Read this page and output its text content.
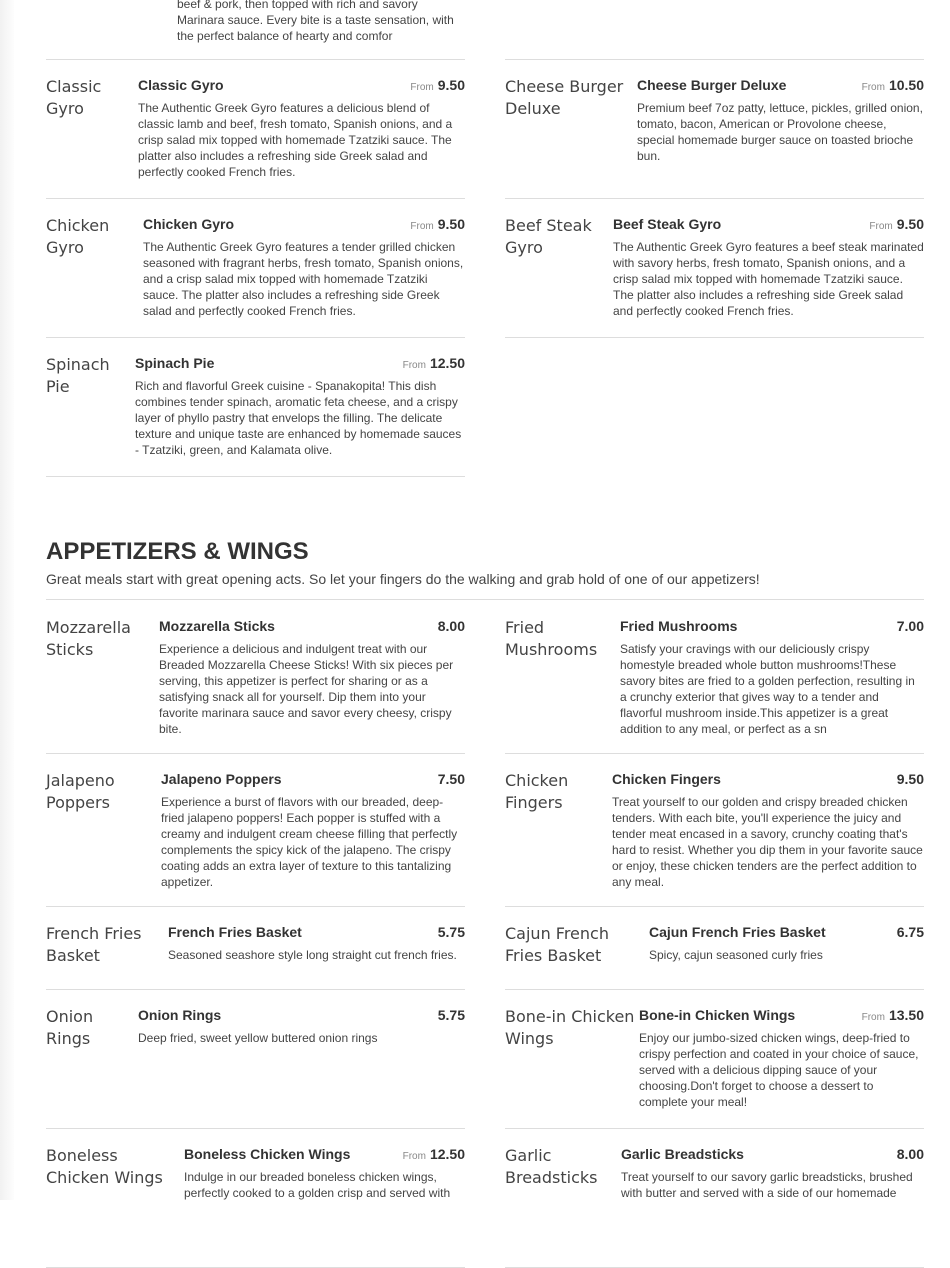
beef & pork, then topped with rich and savory
Marinara sauce. Every bite is a taste sensation, with
the perfect balance of hearty and comfor
Classic Gyro
Classic Gyro	From 9.50
The Authentic Greek Gyro features a delicious blend of classic lamb and beef, fresh tomato, Spanish onions, and a crisp salad mix topped with homemade Tzatziki sauce. The platter also includes a refreshing side Greek salad and perfectly cooked French fries.
Cheese Burger Deluxe
Cheese Burger Deluxe	From 10.50
Premium beef 7oz patty, lettuce, pickles, grilled onion, tomato, bacon, American or Provolone cheese, special homemade burger sauce on toasted brioche bun.
Chicken Gyro
Chicken Gyro	From 9.50
The Authentic Greek Gyro features a tender grilled chicken seasoned with fragrant herbs, fresh tomato, Spanish onions, and a crisp salad mix topped with homemade Tzatziki sauce. The platter also includes a refreshing side Greek salad and perfectly cooked French fries.
Beef Steak Gyro
Beef Steak Gyro	From 9.50
The Authentic Greek Gyro features a beef steak marinated with savory herbs, fresh tomato, Spanish onions, and a crisp salad mix topped with homemade Tzatziki sauce. The platter also includes a refreshing side Greek salad and perfectly cooked French fries.
Spinach Pie
Spinach Pie	From 12.50
Rich and flavorful Greek cuisine - Spanakopita! This dish combines tender spinach, aromatic feta cheese, and a crispy layer of phyllo pastry that envelops the filling. The delicate texture and unique taste are enhanced by homemade sauces - Tzatziki, green, and Kalamata olive.
APPETIZERS & WINGS
Great meals start with great opening acts. So let your fingers do the walking and grab hold of one of our appetizers!
Mozzarella Sticks
Mozzarella Sticks	8.00
Experience a delicious and indulgent treat with our Breaded Mozzarella Cheese Sticks! With six pieces per serving, this appetizer is perfect for sharing or as a satisfying snack all for yourself. Dip them into your favorite marinara sauce and savor every cheesy, crispy bite.
Fried Mushrooms
Fried Mushrooms	7.00
Satisfy your cravings with our deliciously crispy homestyle breaded whole button mushrooms!These savory bites are fried to a golden perfection, resulting in a crunchy exterior that gives way to a tender and flavorful mushroom inside.This appetizer is a great addition to any meal, or perfect as a sn
Jalapeno Poppers
Jalapeno Poppers	7.50
Experience a burst of flavors with our breaded, deep-fried jalapeno poppers! Each popper is stuffed with a creamy and indulgent cream cheese filling that perfectly complements the spicy kick of the jalapeno. The crispy coating adds an extra layer of texture to this tantalizing appetizer.
Chicken Fingers
Chicken Fingers	9.50
Treat yourself to our golden and crispy breaded chicken tenders. With each bite, you'll experience the juicy and tender meat encased in a savory, crunchy coating that's hard to resist. Whether you dip them in your favorite sauce or enjoy, these chicken tenders are the perfect addition to any meal.
French Fries Basket
French Fries Basket	5.75
Seasoned seashore style long straight cut french fries.
Cajun French Fries Basket
Cajun French Fries Basket	6.75
Spicy, cajun seasoned curly fries
Onion Rings
Onion Rings	5.75
Deep fried, sweet yellow buttered onion rings
Bone-in Chicken Wings
Bone-in Chicken Wings	From 13.50
Enjoy our jumbo-sized chicken wings, deep-fried to crispy perfection and coated in your choice of sauce, served with a delicious dipping sauce of your choosing.Don't forget to choose a dessert to complete your meal!
Boneless Chicken Wings
Boneless Chicken Wings	From 12.50
Indulge in our breaded boneless chicken wings, perfectly cooked to a golden crisp and served with
Garlic Breadsticks
Garlic Breadsticks	8.00
Treat yourself to our savory garlic breadsticks, brushed with butter and served with a side of our homemade
